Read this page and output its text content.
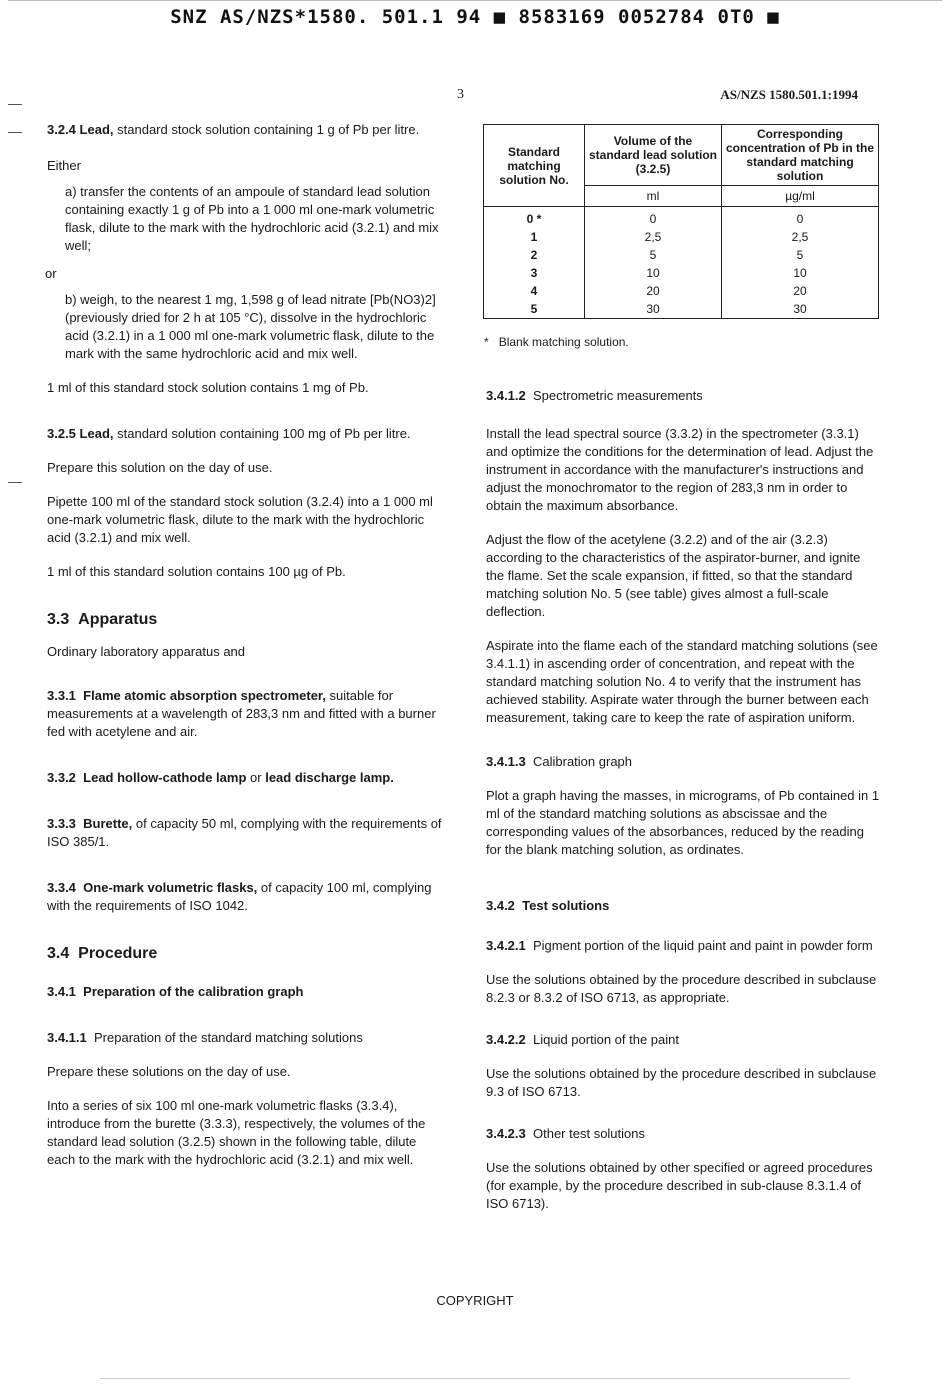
SNZ AS/NZS*1580. 501.1 94 ■ 8583169 0052784 0T0 ■
3	AS/NZS 1580.501.1:1994

3.2.4 Lead, standard stock solution containing 1 g of Pb per litre.

Either

a) transfer the contents of an ampoule of standard lead solution containing exactly 1 g of Pb into a 1 000 ml one-mark volumetric flask, dilute to the mark with the hydrochloric acid (3.2.1) and mix well;

or

b) weigh, to the nearest 1 mg, 1,598 g of lead nitrate [Pb(NO3)2] (previously dried for 2 h at 105 °C), dissolve in the hydrochloric acid (3.2.1) in a 1 000 ml one-mark volumetric flask, dilute to the mark with the same hydrochloric acid and mix well.

1 ml of this standard stock solution contains 1 mg of Pb.

3.2.5 Lead, standard solution containing 100 mg of Pb per litre.

Prepare this solution on the day of use.

Pipette 100 ml of the standard stock solution (3.2.4) into a 1 000 ml one-mark volumetric flask, dilute to the mark with the hydrochloric acid (3.2.1) and mix well.

1 ml of this standard solution contains 100 µg of Pb.

3.3 Apparatus

Ordinary laboratory apparatus and

3.3.1 Flame atomic absorption spectrometer, suitable for measurements at a wavelength of 283,3 nm and fitted with a burner fed with acetylene and air.

3.3.2 Lead hollow-cathode lamp or lead discharge lamp.

3.3.3 Burette, of capacity 50 ml, complying with the requirements of ISO 385/1.

3.3.4 One-mark volumetric flasks, of capacity 100 ml, complying with the requirements of ISO 1042.

3.4 Procedure

3.4.1 Preparation of the calibration graph

3.4.1.1 Preparation of the standard matching solutions

Prepare these solutions on the day of use.

Into a series of six 100 ml one-mark volumetric flasks (3.3.4), introduce from the burette (3.3.3), respectively, the volumes of the standard lead solution (3.2.5) shown in the following table, dilute each to the mark with the hydrochloric acid (3.2.1) and mix well.

Standard matching solution No.	Volume of the standard lead solution (3.2.5)	Corresponding concentration of Pb in the standard matching solution
	ml	µg/ml
0 *	0	0
1	2,5	2,5
2	5	5
3	10	10
4	20	20
5	30	30
* Blank matching solution.

3.4.1.2 Spectrometric measurements

Install the lead spectral source (3.3.2) in the spectrometer (3.3.1) and optimize the conditions for the determination of lead. Adjust the instrument in accordance with the manufacturer's instructions and adjust the monochromator to the region of 283,3 nm in order to obtain the maximum absorbance.

Adjust the flow of the acetylene (3.2.2) and of the air (3.2.3) according to the characteristics of the aspirator-burner, and ignite the flame. Set the scale expansion, if fitted, so that the standard matching solution No. 5 (see table) gives almost a full-scale deflection.

Aspirate into the flame each of the standard matching solutions (see 3.4.1.1) in ascending order of concentration, and repeat with the standard matching solution No. 4 to verify that the instrument has achieved stability. Aspirate water through the burner between each measurement, taking care to keep the rate of aspiration uniform.

3.4.1.3 Calibration graph

Plot a graph having the masses, in micrograms, of Pb contained in 1 ml of the standard matching solutions as abscissae and the corresponding values of the absorbances, reduced by the reading for the blank matching solution, as ordinates.

3.4.2 Test solutions

3.4.2.1 Pigment portion of the liquid paint and paint in powder form

Use the solutions obtained by the procedure described in subclause 8.2.3 or 8.3.2 of ISO 6713, as appropriate.

3.4.2.2 Liquid portion of the paint

Use the solutions obtained by the procedure described in subclause 9.3 of ISO 6713.

3.4.2.3 Other test solutions

Use the solutions obtained by other specified or agreed procedures (for example, by the procedure described in sub-clause 8.3.1.4 of ISO 6713).

COPYRIGHT
